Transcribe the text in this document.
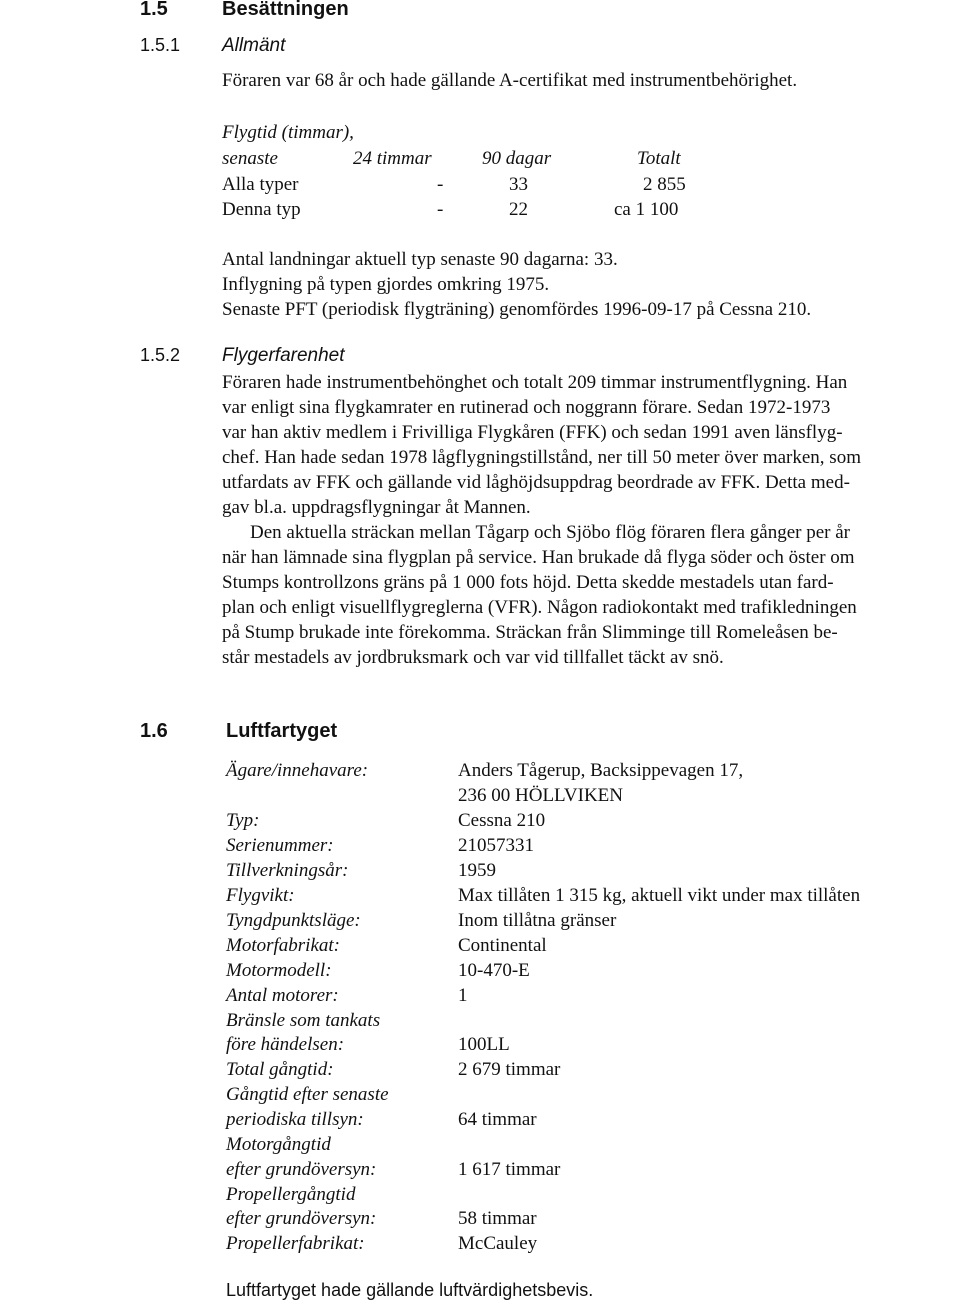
1.5	Besättningen
1.5.1 Allmänt
Föraren var 68 år och hade gällande A-certifikat med instrumentbehörighet.
Flygtid (timmar),
senaste	24 timmar	90 dagar	Totalt
Alla typer	-	33	2 855
Denna typ	-	22	ca 1 100
Antal landningar aktuell typ senaste 90 dagarna: 33.
Inflygning på typen gjordes omkring 1975.
Senaste PFT (periodisk flygträning) genomfördes 1996-09-17 på Cessna 210.
1.5.2 Flygerfarenhet
Föraren hade instrumentbehönghet och totalt 209 timmar instrumentflygning. Han
var enligt sina flygkamrater en rutinerad och noggrann förare. Sedan 1972-1973
var han aktiv medlem i Frivilliga Flygkåren (FFK) och sedan 1991 aven länsflyg-
chef. Han hade sedan 1978 lågflygningstillstånd, ner till 50 meter över marken, som
utfardats av FFK och gällande vid låghöjdsuppdrag beordrade av FFK. Detta med-
gav bl.a. uppdragsflygningar åt Mannen.
Den aktuella sträckan mellan Tågarp och Sjöbo flög föraren flera gånger per år
när han lämnade sina flygplan på service. Han brukade då flyga söder och öster om
Stumps kontrollzons gräns på 1 000 fots höjd. Detta skedde mestadels utan fard-
plan och enligt visuellflygreglerna (VFR). Någon radiokontakt med trafikledningen
på Stump brukade inte förekomma. Sträckan från Slimminge till Romeleåsen be-
står mestadels av jordbruksmark och var vid tillfallet täckt av snö.
1.6	Luftfartyget
Ägare/innehavare:	Anders Tågerup, Backsippevagen 17,
236 00 HÖLLVIKEN
Typ:	Cessna 210
Serienummer:	21057331
Tillverkningsår:	1959
Flygvikt:	Max tillåten 1 315 kg, aktuell vikt under max tillåten
Tyngdpunktsläge:	Inom tillåtna gränser
Motorfabrikat:	Continental
Motormodell:	10-470-E
Antal motorer:	1
Bränsle som tankats
före händelsen:	100LL
Total gångtid:	2 679 timmar
Gångtid efter senaste
periodiska tillsyn:	64 timmar
Motorgångtid
efter grundöversyn:	1 617 timmar
Propellergångtid
efter grundöversyn:	58 timmar
Propellerfabrikat:	McCauley
Luftfartyget hade gällande luftvärdighetsbevis.
